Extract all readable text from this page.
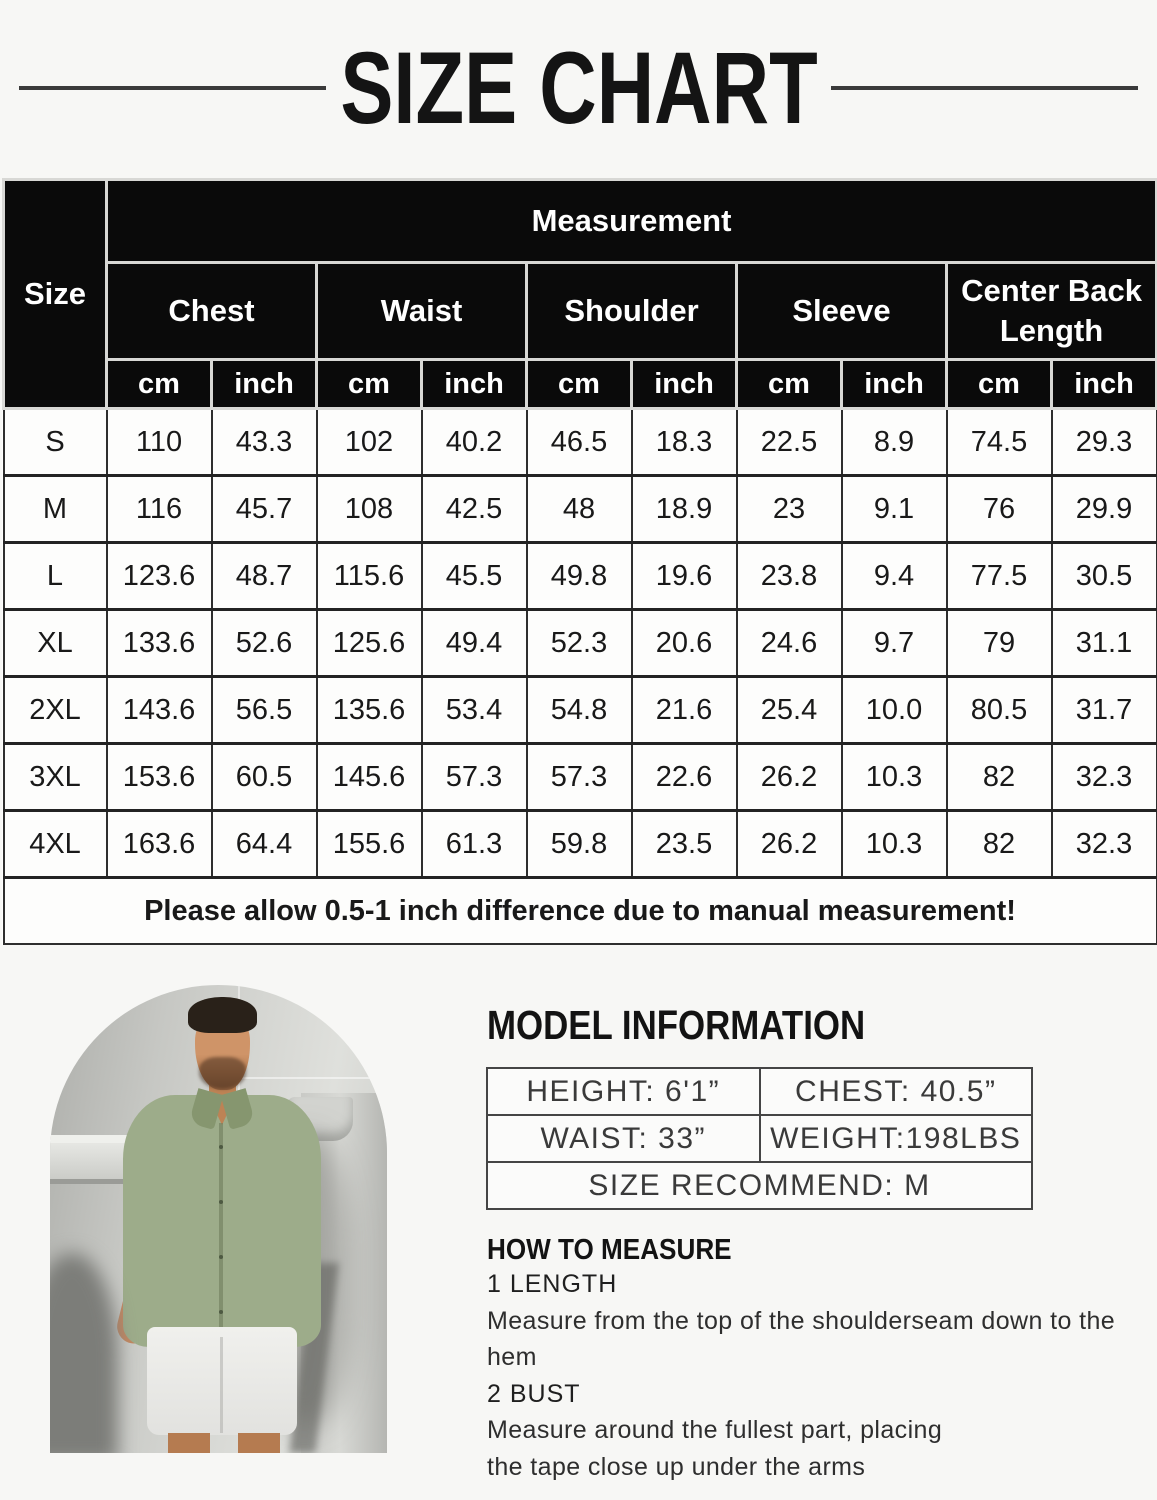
SIZE CHART
Size	Measurement									
	Chest		Waist		Shoulder		Sleeve		Center Back Length	
	cm	inch	cm	inch	cm	inch	cm	inch	cm	inch
S	110	43.3	102	40.2	46.5	18.3	22.5	8.9	74.5	29.3
M	116	45.7	108	42.5	48	18.9	23	9.1	76	29.9
L	123.6	48.7	115.6	45.5	49.8	19.6	23.8	9.4	77.5	30.5
XL	133.6	52.6	125.6	49.4	52.3	20.6	24.6	9.7	79	31.1
2XL	143.6	56.5	135.6	53.4	54.8	21.6	25.4	10.0	80.5	31.7
3XL	153.6	60.5	145.6	57.3	57.3	22.6	26.2	10.3	82	32.3
4XL	163.6	64.4	155.6	61.3	59.8	23.5	26.2	10.3	82	32.3
Please allow 0.5-1 inch difference due to manual measurement!										
MODEL INFORMATION
HEIGHT: 6'1”	CHEST: 40.5”
WAIST: 33”	WEIGHT:198LBS
SIZE RECOMMEND: M	
HOW TO MEASURE

1 LENGTH

Measure from the top of the shoulderseam down to the hem

2 BUST

Measure around the fullest part, placing

the tape close up under the arms
